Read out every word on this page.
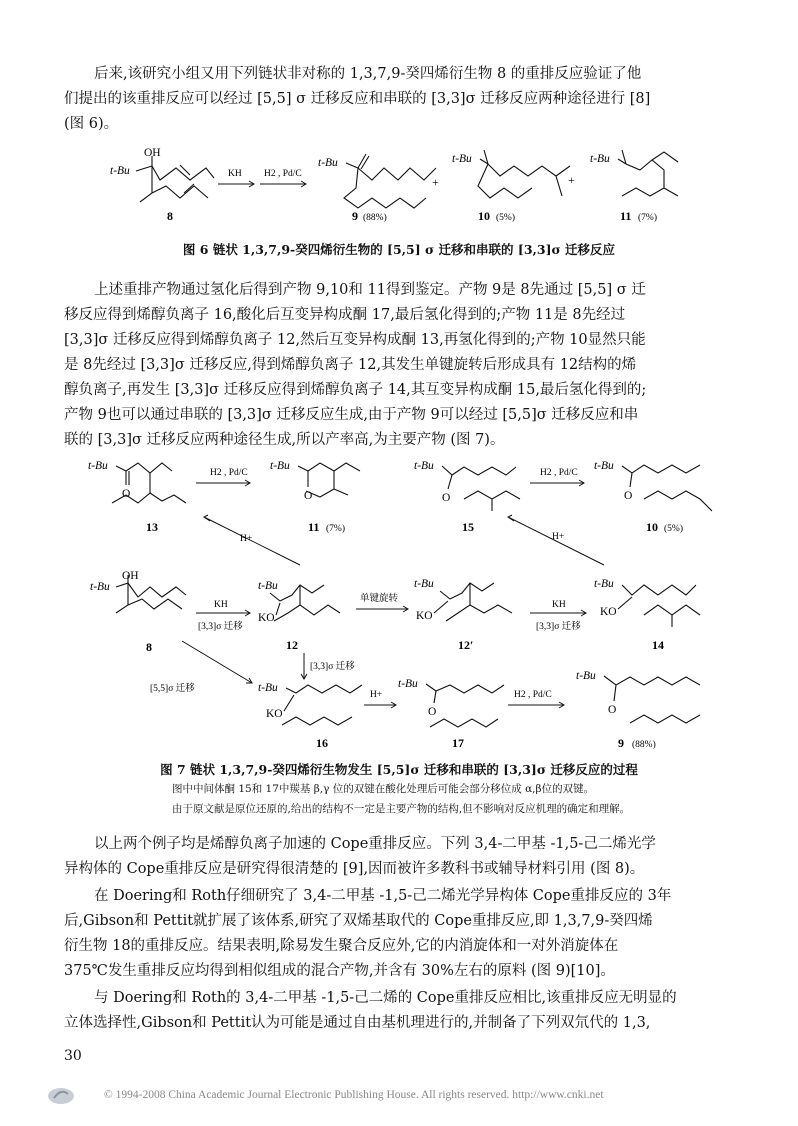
后来,该研究小组又用下列链状非对称的 1,3,7,9-癸四烯衍生物 8 的重排反应验证了他
们提出的该重排反应可以经过 [5,5] σ 迁移反应和串联的 [3,3]σ 迁移反应两种途径进行 [8]
(图 6)。

t-Bu
OH
KH H2 , Pd/C
t-Bu
+
t-Bu
+
t-Bu
8	9 (88%)	10 (5%)	11 (7%)

图 6 链状 1,3,7,9-癸四烯衍生物的 [5,5] σ 迁移和串联的 [3,3]σ 迁移反应

上述重排产物通过氢化后得到产物 9,10和 11得到鉴定。产物 9是 8先通过 [5,5] σ 迁
移反应得到烯醇负离子 16,酸化后互变异构成酮 17,最后氢化得到的;产物 11是 8先经过
[3,3]σ 迁移反应得到烯醇负离子 12,然后互变异构成酮 13,再氢化得到的;产物 10显然只能
是 8先经过 [3,3]σ 迁移反应,得到烯醇负离子 12,其发生单键旋转后形成具有 12结构的烯
醇负离子,再发生 [3,3]σ 迁移反应得到烯醇负离子 14,其互变异构成酮 15,最后氢化得到的;
产物 9也可以通过串联的 [3,3]σ 迁移反应生成,由于产物 9可以经过 [5,5]σ 迁移反应和串
联的 [3,3]σ 迁移反应两种途径生成,所以产率高,为主要产物 (图 7)。

t-Bu
O
H2 , Pd/C
t-Bu
O
t-Bu
O
H2 , Pd/C
t-Bu
O
13	11 (7%)	15	10 (5%)
H+	H+
t-Bu
OH
KH
[3,3]σ 迁移
t-Bu
KO
单键旋转
t-Bu
KO
KH
[3,3]σ 迁移
t-Bu
KO
8	12	12′	14
[5,5]σ 迁移
[3,3]σ 迁移
t-Bu
KO
H+
t-Bu
O
H2 , Pd/C
t-Bu
O
16	17	9 (88%)

图 7 链状 1,3,7,9-癸四烯衍生物发生 [5,5]σ 迁移和串联的 [3,3]σ 迁移反应的过程

图中中间体酮 15和 17中羰基 β,γ 位的双键在酸化处理后可能会部分移位成 α,β位的双键。

由于原文献是原位还原的,给出的结构不一定是主要产物的结构,但不影响对反应机理的确定和理解。

以上两个例子均是烯醇负离子加速的 Cope重排反应。下列 3,4-二甲基 -1,5-己二烯光学
异构体的 Cope重排反应是研究得很清楚的 [9],因而被许多教科书或辅导材料引用 (图 8)。

在 Doering和 Roth仔细研究了 3,4-二甲基 -1,5-己二烯光学异构体 Cope重排反应的 3年
后,Gibson和 Pettit就扩展了该体系,研究了双烯基取代的 Cope重排反应,即 1,3,7,9-癸四烯
衍生物 18的重排反应。结果表明,除易发生聚合反应外,它的内消旋体和一对外消旋体在
375℃发生重排反应均得到相似组成的混合产物,并含有 30%左右的原料 (图 9)[10]。

与 Doering和 Roth的 3,4-二甲基 -1,5-己二烯的 Cope重排反应相比,该重排反应无明显的
立体选择性,Gibson和 Pettit认为可能是通过自由基机理进行的,并制备了下列双氘代的 1,3,

30
© 1994-2008 China Academic Journal Electronic Publishing House. All rights reserved. http://www.cnki.net
